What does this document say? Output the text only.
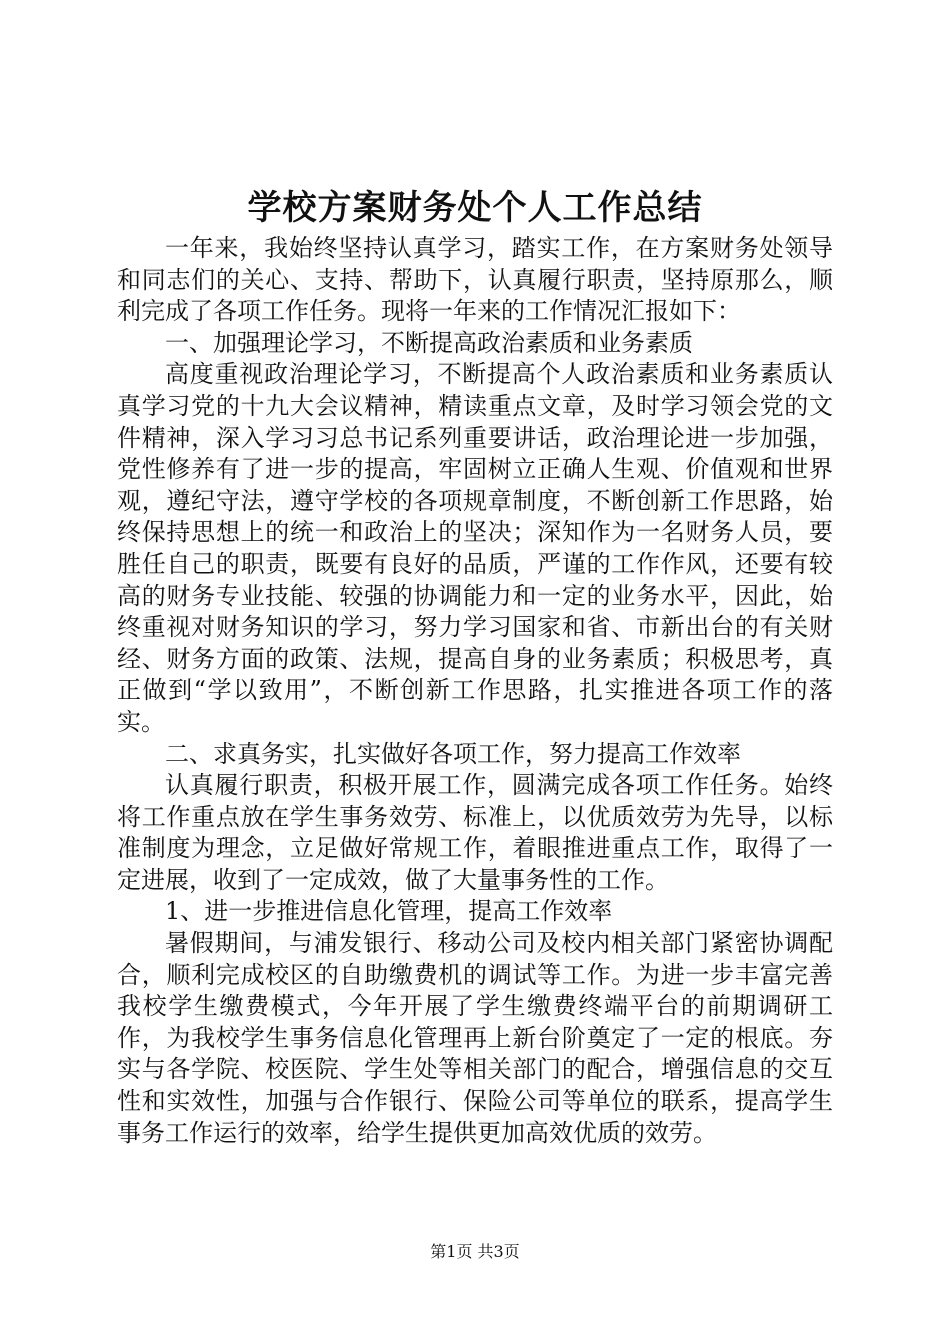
学校方案财务处个人工作总结

一年来，我始终坚持认真学习，踏实工作，在方案财务处领导和同志们的关心、支持、帮助下，认真履行职责，坚持原那么，顺利完成了各项工作任务。现将一年来的工作情况汇报如下：

一、加强理论学习，不断提高政治素质和业务素质

高度重视政治理论学习，不断提高个人政治素质和业务素质认真学习党的十九大会议精神，精读重点文章，及时学习领会党的文件精神，深入学习习总书记系列重要讲话，政治理论进一步加强，党性修养有了进一步的提高，牢固树立正确人生观、价值观和世界观，遵纪守法，遵守学校的各项规章制度，不断创新工作思路，始终保持思想上的统一和政治上的坚决；深知作为一名财务人员，要胜任自己的职责，既要有良好的品质，严谨的工作作风，还要有较高的财务专业技能、较强的协调能力和一定的业务水平，因此，始终重视对财务知识的学习，努力学习国家和省、市新出台的有关财经、财务方面的政策、法规，提高自身的业务素质；积极思考，真正做到“学以致用”，不断创新工作思路，扎实推进各项工作的落实。

二、求真务实，扎实做好各项工作，努力提高工作效率

认真履行职责，积极开展工作，圆满完成各项工作任务。始终将工作重点放在学生事务效劳、标准上，以优质效劳为先导，以标准制度为理念，立足做好常规工作，着眼推进重点工作，取得了一定进展，收到了一定成效，做了大量事务性的工作。

1、进一步推进信息化管理，提高工作效率

暑假期间，与浦发银行、移动公司及校内相关部门紧密协调配合，顺利完成校区的自助缴费机的调试等工作。为进一步丰富完善我校学生缴费模式，今年开展了学生缴费终端平台的前期调研工作，为我校学生事务信息化管理再上新台阶奠定了一定的根底。夯实与各学院、校医院、学生处等相关部门的配合，增强信息的交互性和实效性，加强与合作银行、保险公司等单位的联系，提高学生事务工作运行的效率，给学生提供更加高效优质的效劳。

第1页 共3页
